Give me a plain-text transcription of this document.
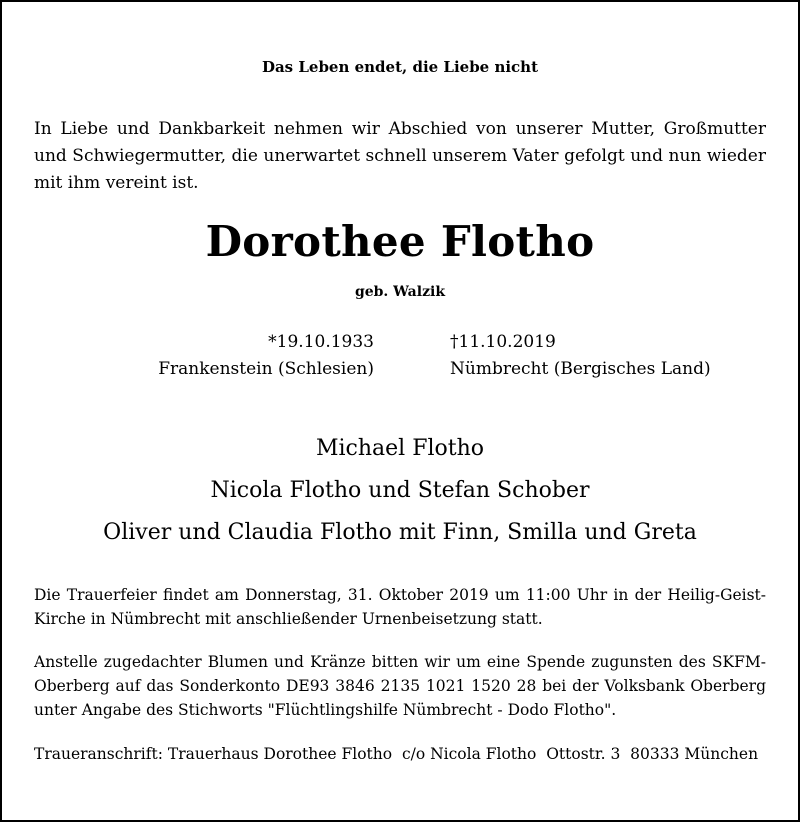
Das Leben endet, die Liebe nicht
In Liebe und Dankbarkeit nehmen wir Abschied von unserer Mutter, Großmutter und Schwiegermutter, die unerwartet schnell unserem Vater gefolgt und nun wieder mit ihm vereint ist.
Dorothee Flotho
geb. Walzik
*19.10.1933
Frankenstein (Schlesien)
†11.10.2019
Nümbrecht (Bergisches Land)
Michael Flotho
Nicola Flotho und Stefan Schober
Oliver und Claudia Flotho mit Finn, Smilla und Greta
Die Trauerfeier findet am Donnerstag, 31. Oktober 2019 um 11:00 Uhr in der Heilig-Geist-Kirche in Nümbrecht mit anschließender Urnenbeisetzung statt.
Anstelle zugedachter Blumen und Kränze bitten wir um eine Spende zugunsten des SKFM-Oberberg auf das Sonderkonto DE93 3846 2135 1021 1520 28 bei der Volksbank Oberberg unter Angabe des Stichworts "Flüchtlingshilfe Nümbrecht - Dodo Flotho".
Traueranschrift: Trauerhaus Dorothee Flotho  c/o Nicola Flotho  Ottostr. 3  80333 München
